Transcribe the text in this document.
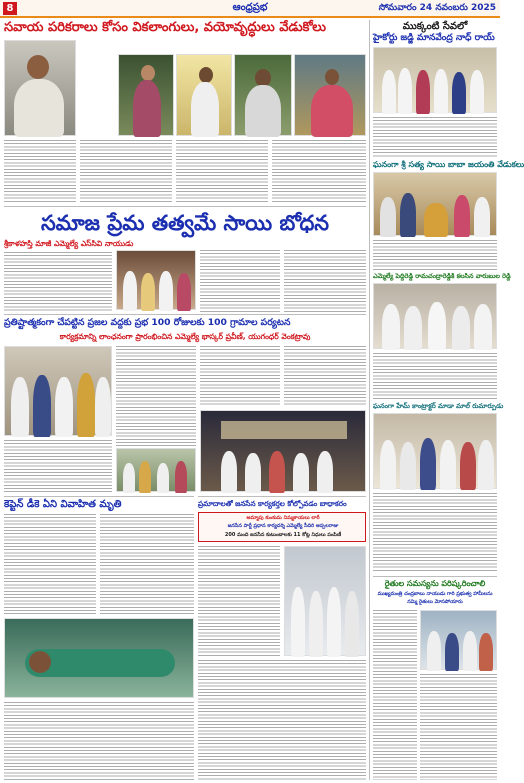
8	ఆంధ్రప్రభ	సోమవారం 24 నవంబరు 2025
సవాయ పరికరాలు కోసం వికలాంగులు, వయోవృద్ధులు వేడుకోలు	ముక్కంటి సేవలో
హైకోర్టు జడ్జి మానవేంద్ర నాధ్ రాయ్
ఘనంగా శ్రీ సత్య సాయి బాబా జయంతి వేడుకలు
ఎమ్మెల్యే పెద్దిరెడ్డి రామచంద్రారెడ్డికి కలసిన వారుబుల రెడ్డి
ఘనంగా హేమ్ కాంట్రాక్టర్ మాడా మాల్ రుమార్పుడు
సమాజ ప్రేమ తత్వమే సాయి బోధన
శ్రీకాళహస్తి మాజీ ఎమ్మెల్యే ఎస్‌సివి నాయుడు
ప్రతిష్టాత్మకంగా చేపట్టిన ప్రజల వద్దకు ప్రభ 100 రోజులకు 100 గ్రామాల పర్యటన
కార్యక్రమాన్ని లాంఛనంగా ప్రారంభించిన ఎమ్మెల్యే భాస్కర్ ప్రవీణ్, యుగంధర్ వెంకట్రావు
కెప్టెన్ డీకె ఏని వివాహిత మృతి	ప్రమాదాలతో జనసేన కార్యకర్తల కోల్పోవడం బాధాకరం
అమ్మాపు కుంకుమ నిమ్మకాయలు లారీ
జనసేన పార్టీ ప్రధాన కార్యదర్శి ఎమ్మెల్యే సీదిరి అప్పలరాజు
200 మంది జనసేన కుటుంబాలకు 11 కోట్ల నిధులు పంపిణీ
రైతుల సమస్యను పరిష్కరించాలి
ముఖ్యమంత్రి చంద్రబాబు నాయుడు గారి ప్రభుత్వ హామీలను
నమ్మి రైతులు మోసపోయారు
